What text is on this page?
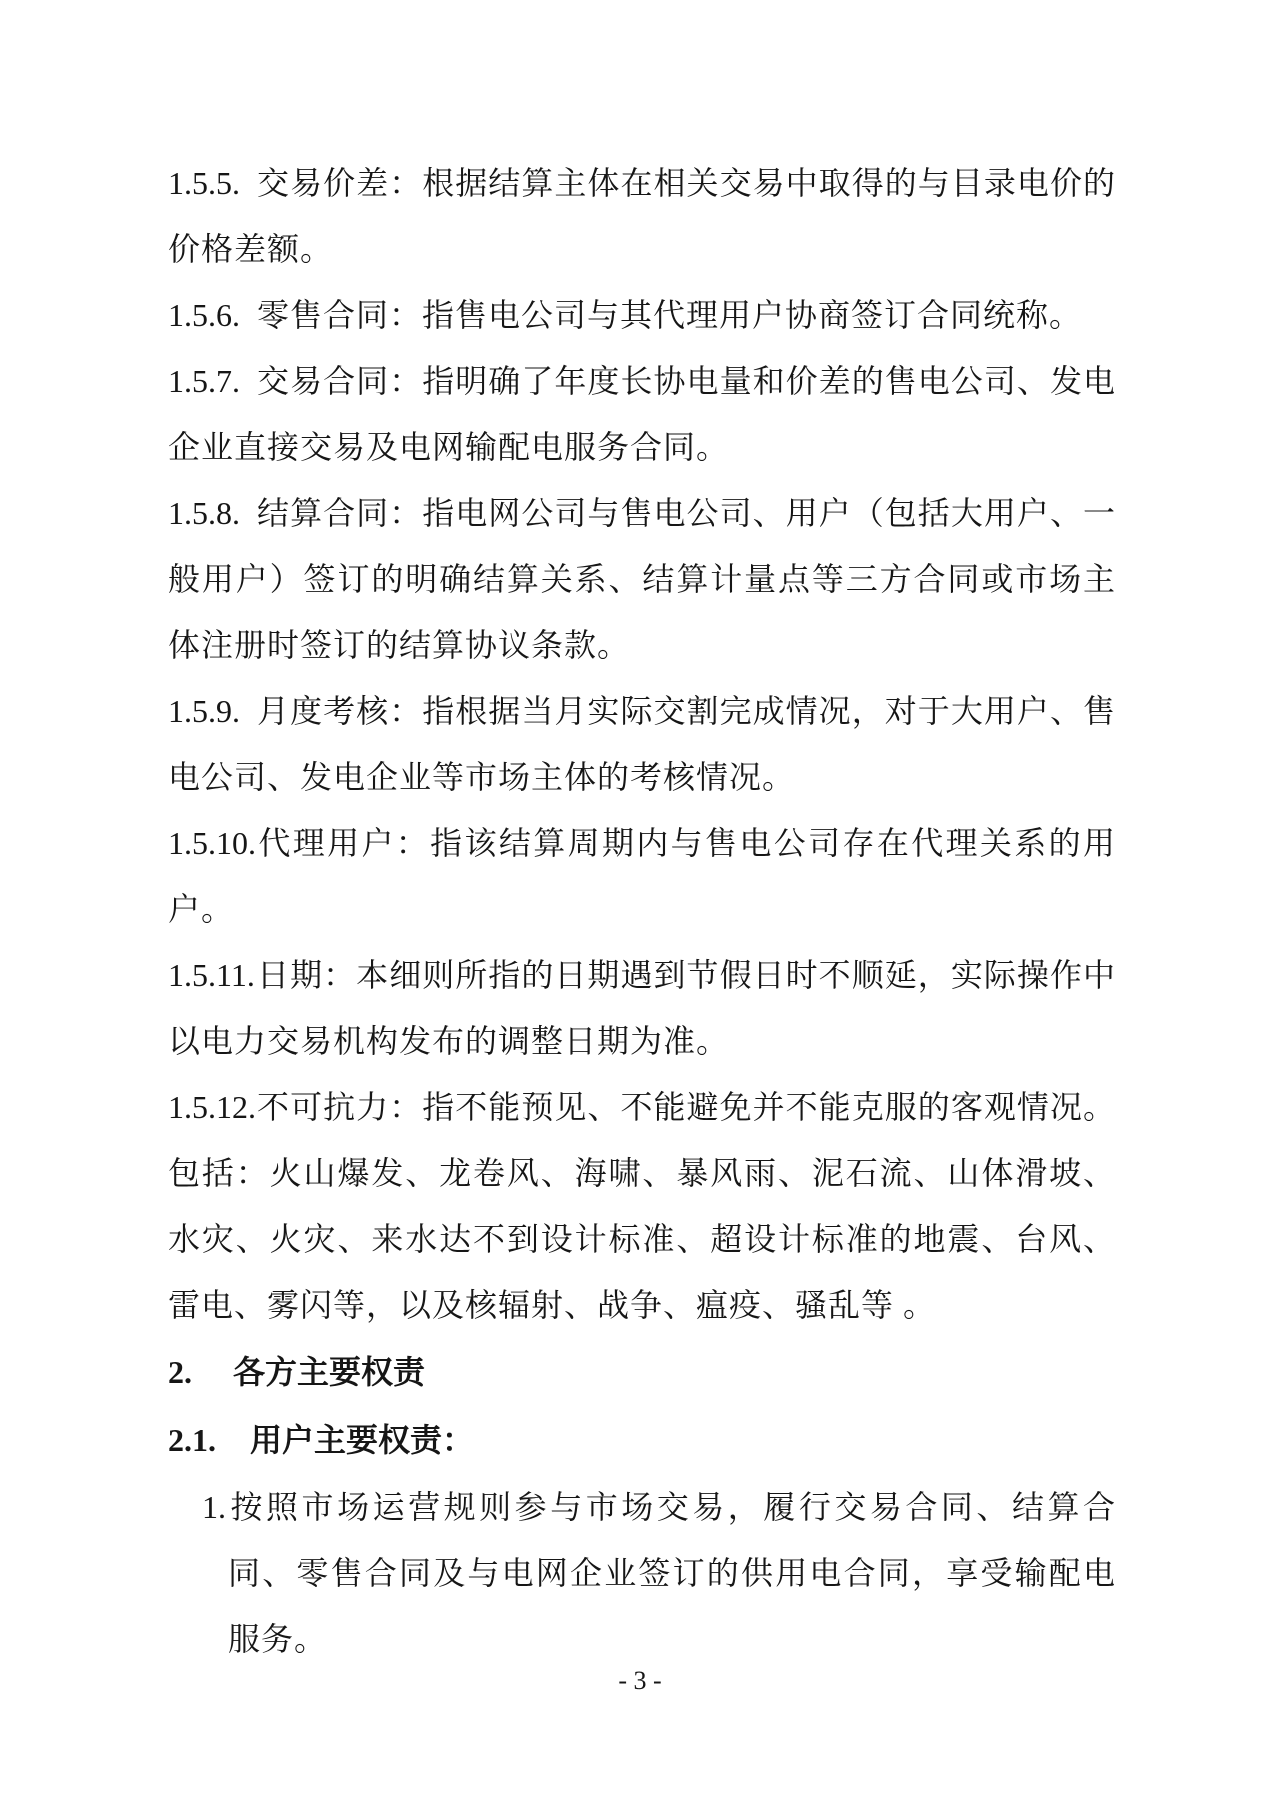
1.5.5. 交易价差：根据结算主体在相关交易中取得的与目录电价的价格差额。

1.5.6. 零售合同：指售电公司与其代理用户协商签订合同统称。

1.5.7. 交易合同：指明确了年度长协电量和价差的售电公司、发电企业直接交易及电网输配电服务合同。

1.5.8. 结算合同：指电网公司与售电公司、用户（包括大用户、一般用户）签订的明确结算关系、结算计量点等三方合同或市场主体注册时签订的结算协议条款。

1.5.9. 月度考核：指根据当月实际交割完成情况，对于大用户、售电公司、发电企业等市场主体的考核情况。

1.5.10.代理用户：指该结算周期内与售电公司存在代理关系的用户。

1.5.11.日期：本细则所指的日期遇到节假日时不顺延，实际操作中以电力交易机构发布的调整日期为准。

1.5.12.不可抗力：指不能预见、不能避免并不能克服的客观情况。包括：火山爆发、龙卷风、海啸、暴风雨、泥石流、山体滑坡、水灾、火灾、来水达不到设计标准、超设计标准的地震、台风、雷电、雾闪等，以及核辐射、战争、瘟疫、骚乱等 。

2. 各方主要权责

2.1. 用户主要权责：

1.按照市场运营规则参与市场交易，履行交易合同、结算合同、零售合同及与电网企业签订的供用电合同，享受输配电服务。

- 3 -
